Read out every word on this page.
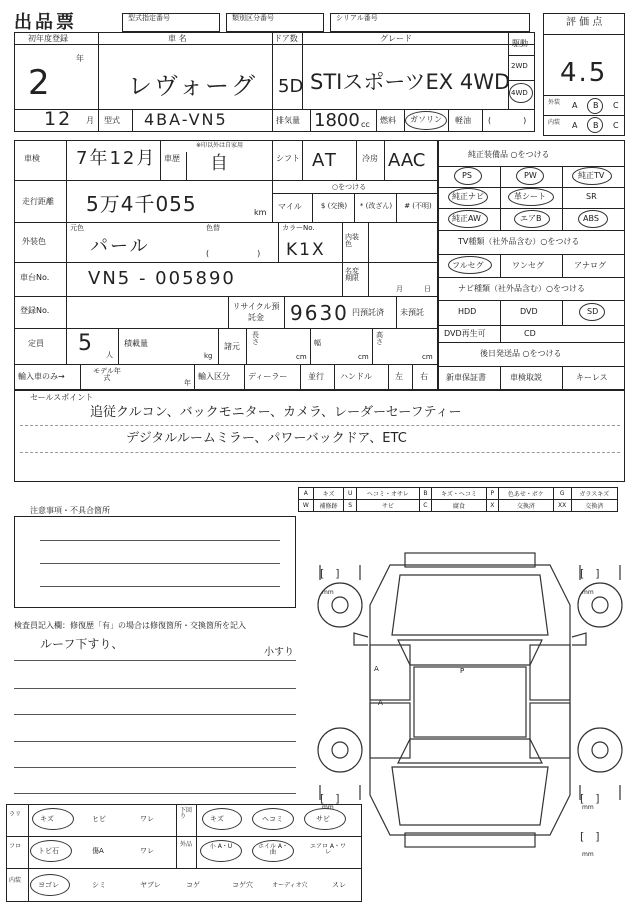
出品票	型式指定番号	類別区分番号	シリアル番号	評 価 点
4.5
外装
内装
A B C
A B C
初年度登録	車 名	ドア数	グレード
駆動
2WD
4WD
年
2	レヴォーグ 5D STIスポーツEX 4WD
12 月 型式 4BA-VN5	排気量 1800 cc 燃料 ガソリン 軽油 (　　　　)
車検 7年12月 車歴
※印以外は自家用
自	シフト AT	冷房 AAC
走行距離 5万4千055	km
○をつける
マイル	$ (交換)	* (改ざん)	# (不明)
外装色
元色	色替
パール	(　　　　　　)
カラーNo.
K1X
内装色
車台No. VN5 - 005890	名変期限
月	日
登録No.	リサイクル預託金	9630 円預託済 未預託
定員 5 人
積載量
kg
諸元
長さ
cm
幅
cm
高さ
cm
輸入車のみ→
モデル年式
年
輸入区分 ディーラー	並行 ハンドル	左 右
純正装備品 ○をつける
PS	PW	純正TV
純正ナビ	革シート	SR
純正AW	エアB	ABS
TV種類（社外品含む）○をつける
フルセグ	ワンセグ	アナログ
ナビ種類（社外品含む）○をつける
HDD	DVD	SD
DVD再生可	CD
後日発送品 ○をつける
新車保証書	車検取説	キーレス
セールスポイント
追従クルコン、バックモニター、カメラ、レーダーセーフティー
デジタルルームミラー、パワーバックドア、ETC
A	キズ	U	ヘコミ・オサレ	B	キズ・ヘコミ	P	色あせ・ボケ	G	ガラスキズ
W	補修跡	S	サビ	C	腐食	X	交換済	XX	交換済
注意事項・不具合箇所
検査員記入欄：修復歴「有」の場合は修復箇所・交換箇所を記入
ルーフ下すり、
小すり
[　]	[　]
[　]	[　]
[　]
mm	mm
mm	mm
mm
A
A
P
ラリ
フロ
内装
キズ	ヒビ	ワレ
トビ石	傷A	ワレ
ヨゴレ	シミ	ヤブレ
下回り
外品
キズ	ヘコミ	サビ
小 A・U	ホイル A・曲
エアロ A・ワレ
コゲ	コゲ穴	オーディオ穴	スレ
